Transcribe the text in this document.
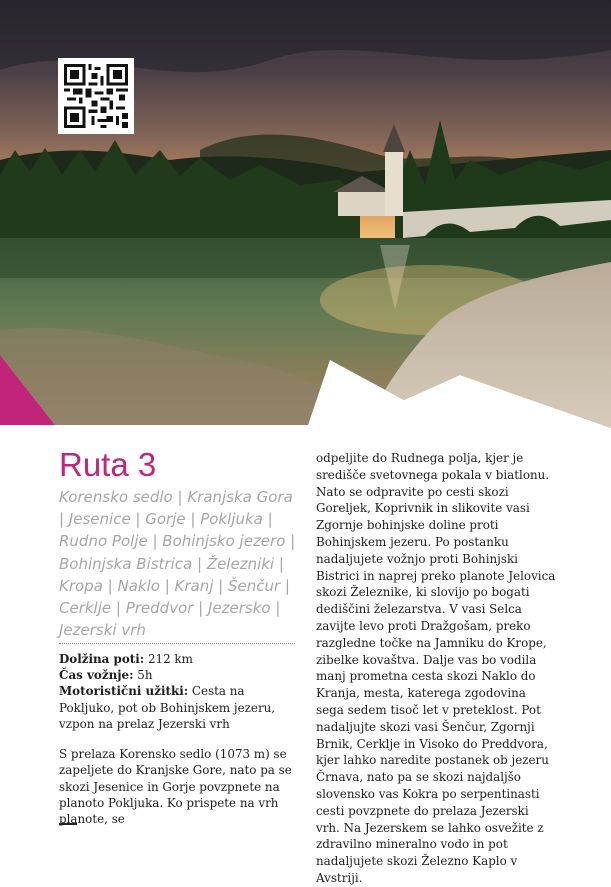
Ruta 3
Korensko sedlo | Kranjska Gora | Jesenice | Gorje | Pokljuka | Rudno Polje | Bohinjsko jezero | Bohinjska Bistrica | Železniki | Kropa | Naklo | Kranj | Šenčur | Cerklje | Preddvor | Jezersko | Jezerski vrh
Dolžina poti: 212 km
Čas vožnje: 5h
Motoristični užitki: Cesta na Pokljuko, pot ob Bohinjskem jezeru, vzpon na prelaz Jezerski vrh

S prelaza Korensko sedlo (1073 m) se zapeljete do Kranjske Gore, nato pa se skozi Jesenice in Gorje povzpnete na planoto Pokljuka. Ko prispete na vrh planote, se

odpeljite do Rudnega polja, kjer je središče svetovnega pokala v biatlonu. Nato se odpravite po cesti skozi Goreljek, Koprivnik in slikovite vasi Zgornje bohinjske doline proti Bohinjskem jezeru. Po postanku nadaljujete vožnjo proti Bohinjski Bistrici in naprej preko planote Jelovica skozi Železnike, ki slovijo po bogati dediščini železarstva. V vasi Selca zavijte levo proti Dražgošam, preko razgledne točke na Jamniku do Krope, zibelke kovaštva. Dalje vas bo vodila manj prometna cesta skozi Naklo do Kranja, mesta, katerega zgodovina sega sedem tisoč let v preteklost. Pot nadaljujte skozi vasi Šenčur, Zgornji Brnik, Cerklje in Visoko do Preddvora, kjer lahko naredite postanek ob jezeru Črnava, nato pa se skozi najdaljšo slovensko vas Kokra po serpentinasti cesti povzpnete do prelaza Jezerski vrh. Na Jezerskem se lahko osvežite z zdravilno mineralno vodo in pot nadaljujete skozi Železno Kaplo v Avstriji.
